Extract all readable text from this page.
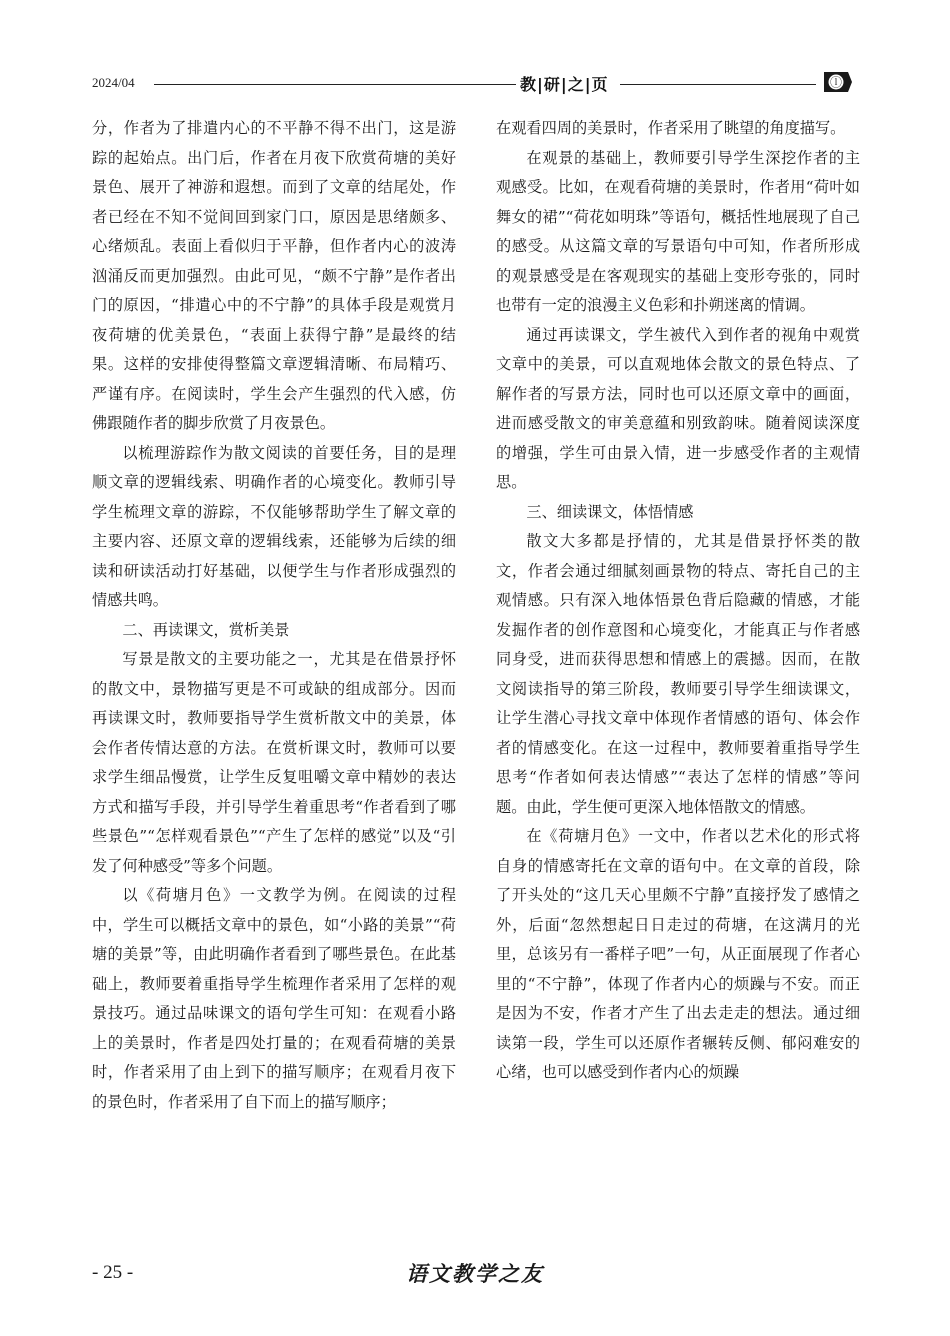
2024/04	教|研|之|页	ⓛ

分，作者为了排遣内心的不平静不得不出门，这是游踪的起始点。出门后，作者在月夜下欣赏荷塘的美好景色、展开了神游和遐想。而到了文章的结尾处，作者已经在不知不觉间回到家门口，原因是思绪颇多、心绪烦乱。表面上看似归于平静，但作者内心的波涛汹涌反而更加强烈。由此可见，“颇不宁静”是作者出门的原因，“排遣心中的不宁静”的具体手段是观赏月夜荷塘的优美景色，“表面上获得宁静”是最终的结果。这样的安排使得整篇文章逻辑清晰、布局精巧、严谨有序。在阅读时，学生会产生强烈的代入感，仿佛跟随作者的脚步欣赏了月夜景色。

以梳理游踪作为散文阅读的首要任务，目的是理顺文章的逻辑线索、明确作者的心境变化。教师引导学生梳理文章的游踪，不仅能够帮助学生了解文章的主要内容、还原文章的逻辑线索，还能够为后续的细读和研读活动打好基础，以便学生与作者形成强烈的情感共鸣。

二、再读课文，赏析美景

写景是散文的主要功能之一，尤其是在借景抒怀的散文中，景物描写更是不可或缺的组成部分。因而再读课文时，教师要指导学生赏析散文中的美景，体会作者传情达意的方法。在赏析课文时，教师可以要求学生细品慢赏，让学生反复咀嚼文章中精妙的表达方式和描写手段，并引导学生着重思考“作者看到了哪些景色”“怎样观看景色”“产生了怎样的感觉”以及“引发了何种感受”等多个问题。

以《荷塘月色》一文教学为例。在阅读的过程中，学生可以概括文章中的景色，如“小路的美景”“荷塘的美景”等，由此明确作者看到了哪些景色。在此基础上，教师要着重指导学生梳理作者采用了怎样的观景技巧。通过品味课文的语句学生可知：在观看小路上的美景时，作者是四处打量的；在观看荷塘的美景时，作者采用了由上到下的描写顺序；在观看月夜下的景色时，作者采用了自下而上的描写顺序；

在观看四周的美景时，作者采用了眺望的角度描写。

在观景的基础上，教师要引导学生深挖作者的主观感受。比如，在观看荷塘的美景时，作者用“荷叶如舞女的裙”“荷花如明珠”等语句，概括性地展现了自己的感受。从这篇文章的写景语句中可知，作者所形成的观景感受是在客观现实的基础上变形夸张的，同时也带有一定的浪漫主义色彩和扑朔迷离的情调。

通过再读课文，学生被代入到作者的视角中观赏文章中的美景，可以直观地体会散文的景色特点、了解作者的写景方法，同时也可以还原文章中的画面，进而感受散文的审美意蕴和别致韵味。随着阅读深度的增强，学生可由景入情，进一步感受作者的主观情思。

三、细读课文，体悟情感

散文大多都是抒情的，尤其是借景抒怀类的散文，作者会通过细腻刻画景物的特点、寄托自己的主观情感。只有深入地体悟景色背后隐藏的情感，才能发掘作者的创作意图和心境变化，才能真正与作者感同身受，进而获得思想和情感上的震撼。因而，在散文阅读指导的第三阶段，教师要引导学生细读课文，让学生潜心寻找文章中体现作者情感的语句、体会作者的情感变化。在这一过程中，教师要着重指导学生思考“作者如何表达情感”“表达了怎样的情感”等问题。由此，学生便可更深入地体悟散文的情感。

在《荷塘月色》一文中，作者以艺术化的形式将自身的情感寄托在文章的语句中。在文章的首段，除了开头处的“这几天心里颇不宁静”直接抒发了感情之外，后面“忽然想起日日走过的荷塘，在这满月的光里，总该另有一番样子吧”一句，从正面展现了作者心里的“不宁静”，体现了作者内心的烦躁与不安。而正是因为不安，作者才产生了出去走走的想法。通过细读第一段，学生可以还原作者辗转反侧、郁闷难安的心绪，也可以感受到作者内心的烦躁

- 25 -	语文教学之友
